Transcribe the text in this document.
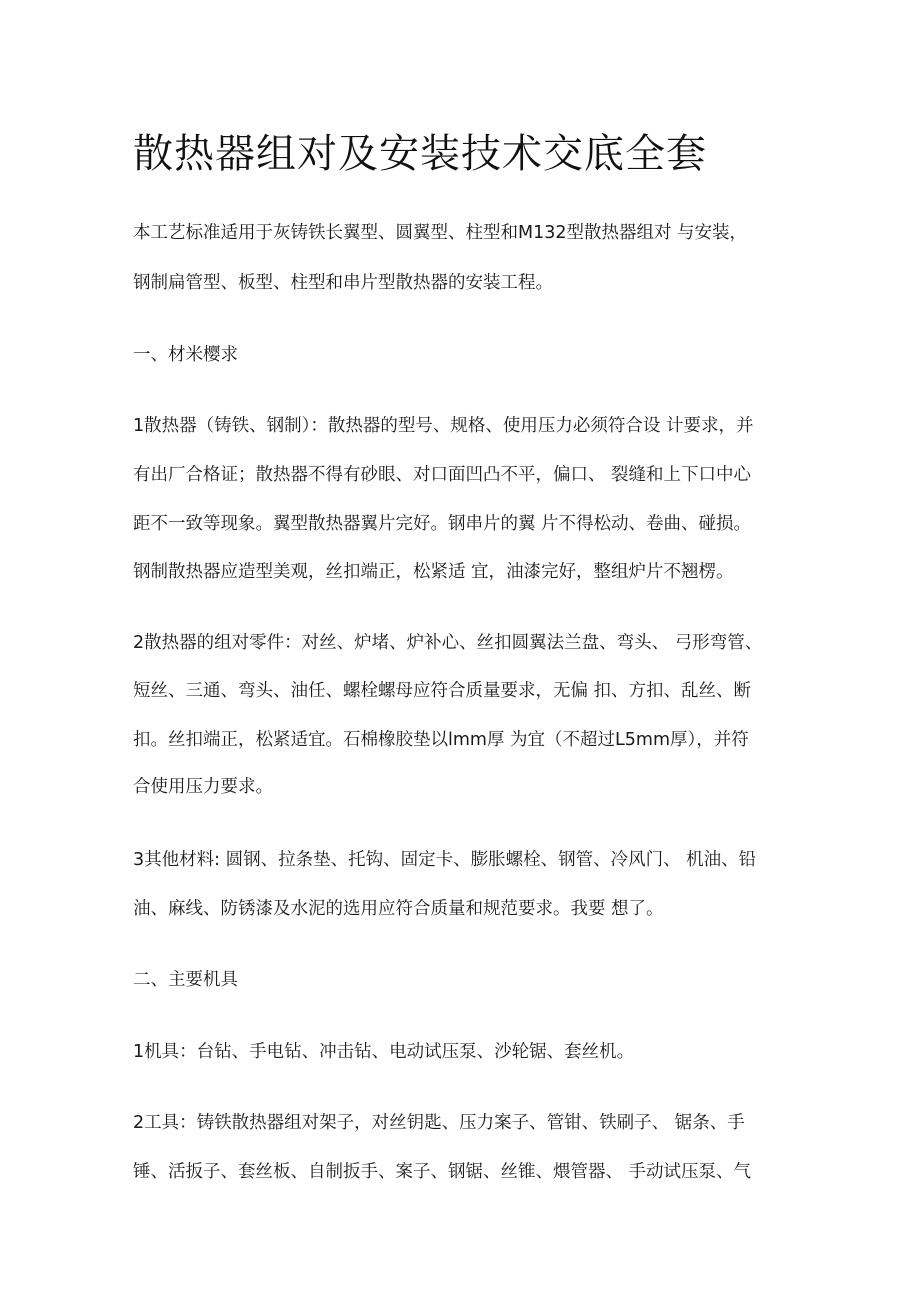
散热器组对及安装技术交底全套
本工艺标准适用于灰铸铁长翼型、圆翼型、柱型和M132型散热器组对 与安装，
钢制扁管型、板型、柱型和串片型散热器的安装工程。
一、材米樱求
1散热器（铸铁、钢制）：散热器的型号、规格、使用压力必须符合设 计要求，并
有出厂合格证；散热器不得有砂眼、对口面凹凸不平，偏口、 裂缝和上下口中心
距不一致等现象。翼型散热器翼片完好。钢串片的翼 片不得松动、卷曲、碰损。
钢制散热器应造型美观，丝扣端正，松紧适 宜，油漆完好，整组炉片不翘楞。
2散热器的组对零件：对丝、炉堵、炉补心、丝扣圆翼法兰盘、弯头、 弓形弯管、
短丝、三通、弯头、油任、螺栓螺母应符合质量要求，无偏 扣、方扣、乱丝、断
扣。丝扣端正，松紧适宜。石棉橡胶垫以lmm厚 为宜（不超过L5mm厚），并符
合使用压力要求。
3其他材料: 圆钢、拉条垫、托钩、固定卡、膨胀螺栓、钢管、冷风门、 机油、铅
油、麻线、防锈漆及水泥的选用应符合质量和规范要求。我要 想了。
二、主要机具
1机具：台钻、手电钻、冲击钻、电动试压泵、沙轮锯、套丝机。
2工具：铸铁散热器组对架子，对丝钥匙、压力案子、管钳、铁刷子、 锯条、手
锤、活扳子、套丝板、自制扳手、案子、钢锯、丝锥、煨管器、 手动试压泵、气
